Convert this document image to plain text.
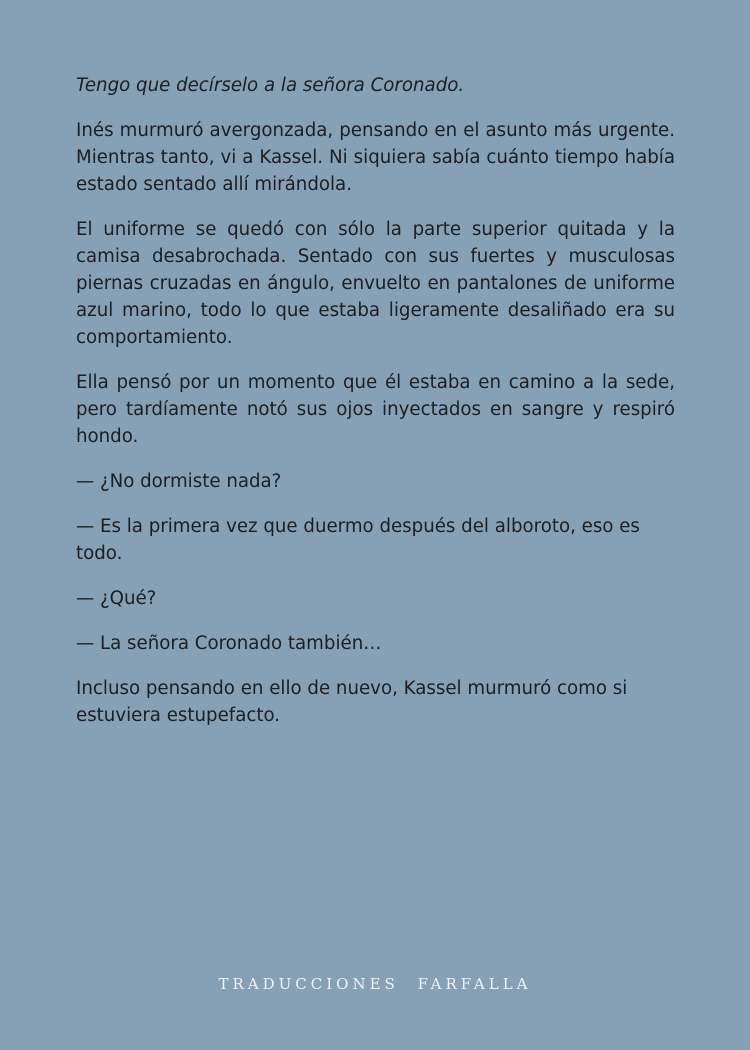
Tengo que decírselo a la señora Coronado.

Inés murmuró avergonzada, pensando en el asunto más urgente. Mientras tanto, vi a Kassel. Ni siquiera sabía cuánto tiempo había estado sentado allí mirándola.

El uniforme se quedó con sólo la parte superior quitada y la camisa desabrochada. Sentado con sus fuertes y musculosas piernas cruzadas en ángulo, envuelto en pantalones de uniforme azul marino, todo lo que estaba ligeramente desaliñado era su comportamiento.

Ella pensó por un momento que él estaba en camino a la sede, pero tardíamente notó sus ojos inyectados en sangre y respiró hondo.

— ¿No dormiste nada?

— Es la primera vez que duermo después del alboroto, eso es todo.

— ¿Qué?

— La señora Coronado también…

Incluso pensando en ello de nuevo, Kassel murmuró como si estuviera estupefacto.

TRADUCCIONES FARFALLA
